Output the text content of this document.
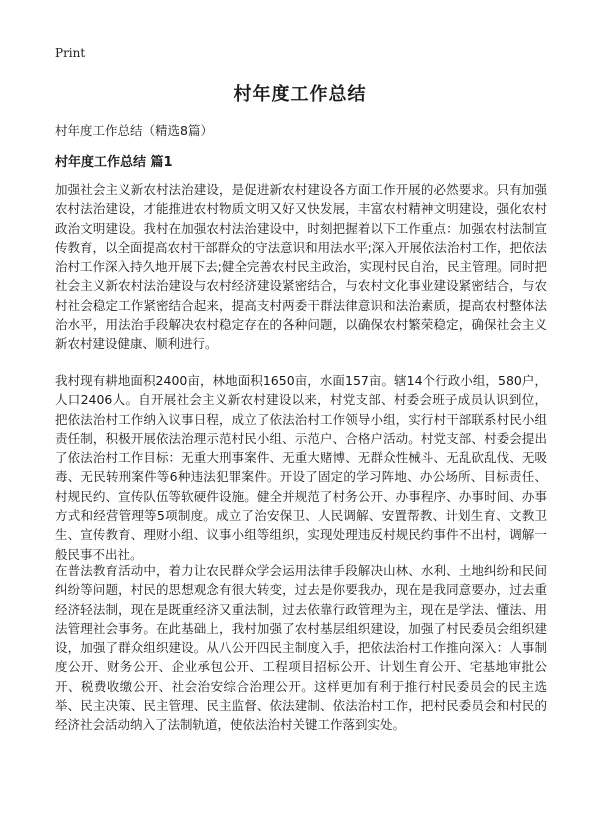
Print
村年度工作总结
村年度工作总结（精选8篇）
村年度工作总结 篇1

加强社会主义新农村法治建设，是促进新农村建设各方面工作开展的必然要求。只有加强农村法治建设，才能推进农村物质文明又好又快发展，丰富农村精神文明建设，强化农村政治文明建设。我村在加强农村法治建设中，时刻把握着以下工作重点：加强农村法制宣传教育，以全面提高农村干部群众的守法意识和用法水平;深入开展依法治村工作，把依法治村工作深入持久地开展下去;健全完善农村民主政治，实现村民自治，民主管理。同时把社会主义新农村法治建设与农村经济建设紧密结合，与农村文化事业建设紧密结合，与农村社会稳定工作紧密结合起来，提高支村两委干群法律意识和法治素质，提高农村整体法治水平，用法治手段解决农村稳定存在的各种问题，以确保农村繁荣稳定，确保社会主义新农村建设健康、顺利进行。

我村现有耕地面积2400亩，林地面积1650亩，水面157亩。辖14个行政小组，580户，人口2406人。自开展社会主义新农村建设以来，村党支部、村委会班子成员认识到位，把依法治村工作纳入议事日程，成立了依法治村工作领导小组，实行村干部联系村民小组责任制，积极开展依法治理示范村民小组、示范户、合格户活动。村党支部、村委会提出了依法治村工作目标：无重大刑事案件、无重大赌博、无群众性械斗、无乱砍乱伐、无吸毒、无民转刑案件等6种违法犯罪案件。开设了固定的学习阵地、办公场所、目标责任、村规民约、宣传队伍等软硬件设施。健全并规范了村务公开、办事程序、办事时间、办事方式和经营管理等5项制度。成立了治安保卫、人民调解、安置帮教、计划生育、文教卫生、宣传教育、理财小组、议事小组等组织，实现处理违反村规民约事件不出村，调解一般民事不出社。

在普法教育活动中，着力让农民群众学会运用法律手段解决山林、水利、土地纠纷和民间纠纷等问题，村民的思想观念有很大转变，过去是你要我办，现在是我同意要办，过去重经济轻法制，现在是既重经济又重法制，过去依靠行政管理为主，现在是学法、懂法、用法管理社会事务。在此基础上，我村加强了农村基层组织建设，加强了村民委员会组织建设，加强了群众组织建设。从八公开四民主制度入手，把依法治村工作推向深入：人事制度公开、财务公开、企业承包公开、工程项目招标公开、计划生育公开、宅基地审批公开、税费收缴公开、社会治安综合治理公开。这样更加有利于推行村民委员会的民主选举、民主决策、民主管理、民主监督、依法建制、依法治村工作，把村民委员会和村民的经济社会活动纳入了法制轨道，使依法治村关键工作落到实处。
